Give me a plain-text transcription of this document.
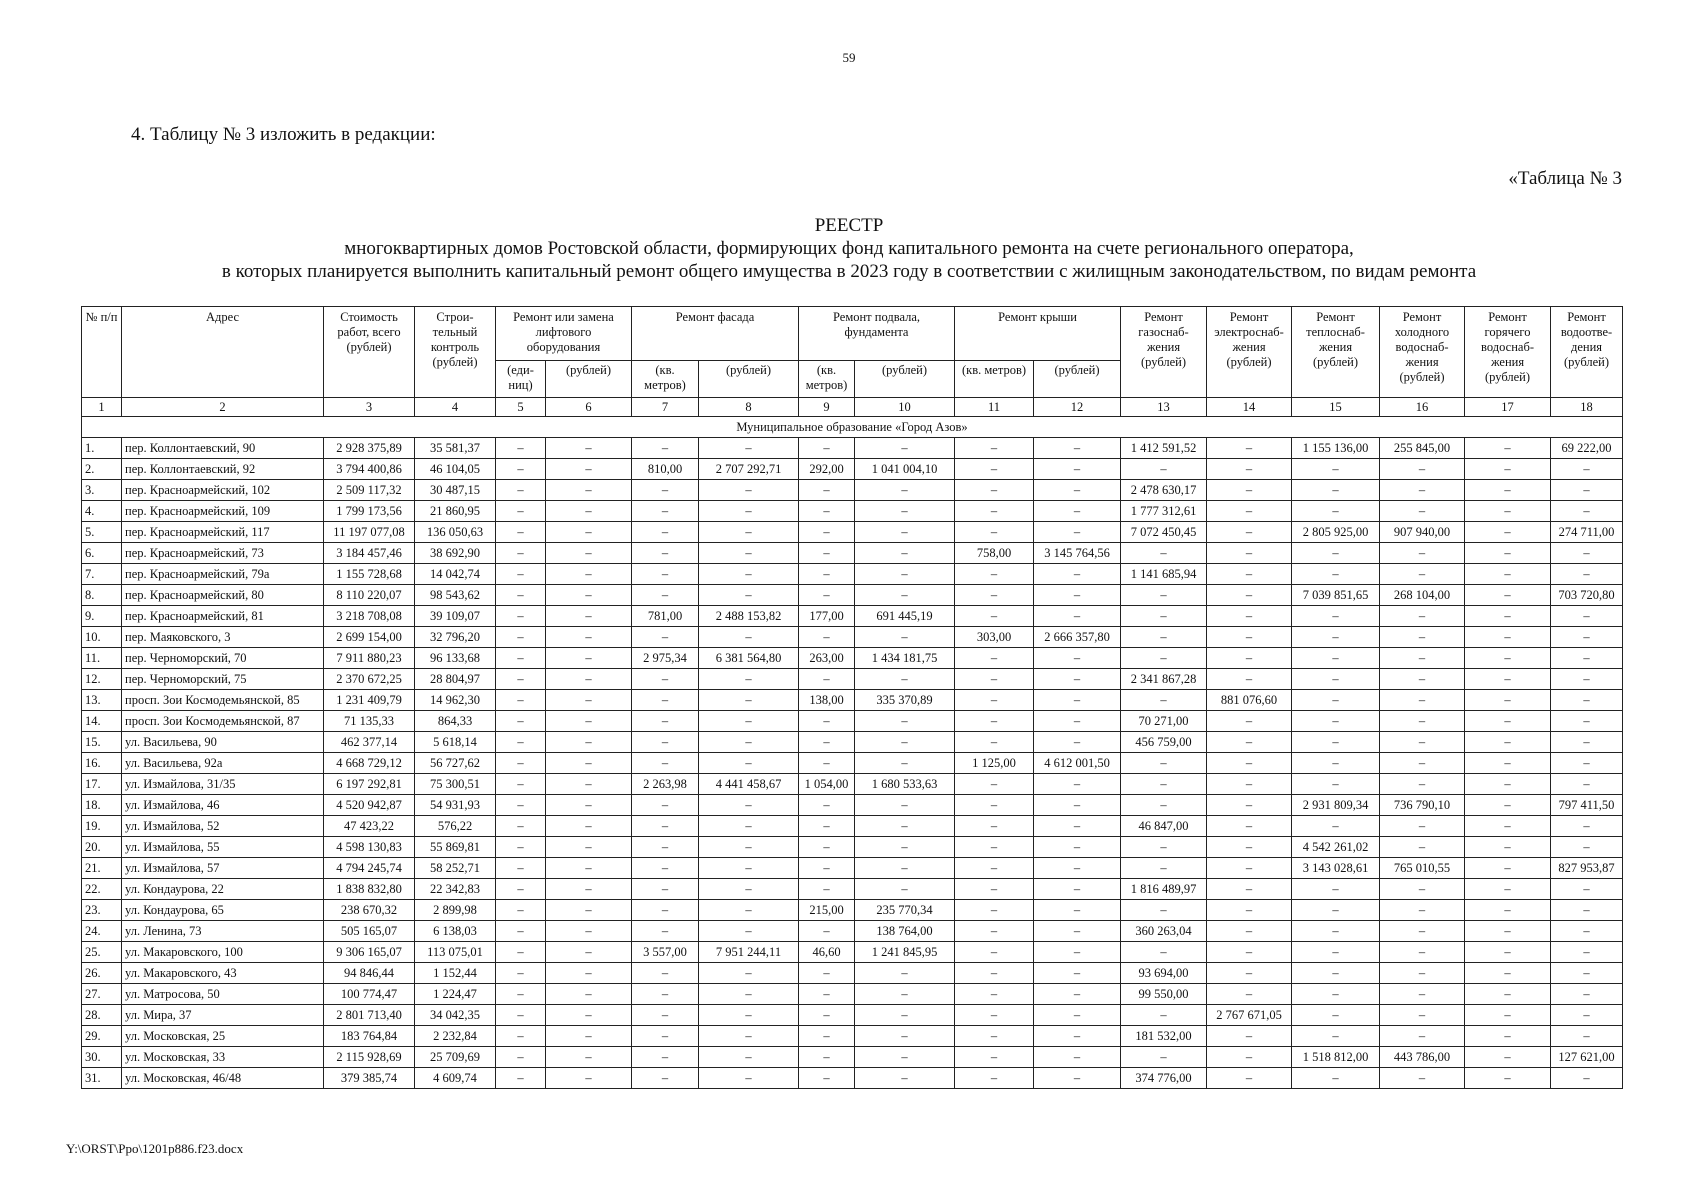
59
4. Таблицу № 3 изложить в редакции:
«Таблица № 3
РЕЕСТР
многоквартирных домов Ростовской области, формирующих фонд капитального ремонта на счете регионального оператора,
в которых планируется выполнить капитальный ремонт общего имущества в 2023 году в соответствии с жилищным законодательством, по видам ремонта
№ п/п	Адрес	Стоимость работ, всего (рублей)	Строи-тельный контроль (рублей)	Ремонт или замена лифтового оборудования		Ремонт фасада		Ремонт подвала, фундамента		Ремонт крыши		Ремонт газоснаб-жения (рублей)	Ремонт электроснаб-жения (рублей)	Ремонт теплоснаб-жения (рублей)	Ремонт холодного водоснаб-жения (рублей)	Ремонт горячего водоснаб-жения (рублей)	Ремонт водоотве-дения (рублей)
				(еди-ниц)	(рублей)	(кв. метров)	(рублей)	(кв. метров)	(рублей)	(кв. метров)	(рублей)						
1	2	3	4	5	6	7	8	9	10	11	12	13	14	15	16	17	18
Муниципальное образование «Город Азов»																	
1.	пер. Коллонтаевский, 90	2 928 375,89	35 581,37	–	–	–	–	–	–	–	–	1 412 591,52	–	1 155 136,00	255 845,00	–	69 222,00
2.	пер. Коллонтаевский, 92	3 794 400,86	46 104,05	–	–	810,00	2 707 292,71	292,00	1 041 004,10	–	–	–	–	–	–	–	–
3.	пер. Красноармейский, 102	2 509 117,32	30 487,15	–	–	–	–	–	–	–	–	2 478 630,17	–	–	–	–	–
4.	пер. Красноармейский, 109	1 799 173,56	21 860,95	–	–	–	–	–	–	–	–	1 777 312,61	–	–	–	–	–
5.	пер. Красноармейский, 117	11 197 077,08	136 050,63	–	–	–	–	–	–	–	–	7 072 450,45	–	2 805 925,00	907 940,00	–	274 711,00
6.	пер. Красноармейский, 73	3 184 457,46	38 692,90	–	–	–	–	–	–	758,00	3 145 764,56	–	–	–	–	–	–
7.	пер. Красноармейский, 79а	1 155 728,68	14 042,74	–	–	–	–	–	–	–	–	1 141 685,94	–	–	–	–	–
8.	пер. Красноармейский, 80	8 110 220,07	98 543,62	–	–	–	–	–	–	–	–	–	–	7 039 851,65	268 104,00	–	703 720,80
9.	пер. Красноармейский, 81	3 218 708,08	39 109,07	–	–	781,00	2 488 153,82	177,00	691 445,19	–	–	–	–	–	–	–	–
10.	пер. Маяковского, 3	2 699 154,00	32 796,20	–	–	–	–	–	–	303,00	2 666 357,80	–	–	–	–	–	–
11.	пер. Черноморский, 70	7 911 880,23	96 133,68	–	–	2 975,34	6 381 564,80	263,00	1 434 181,75	–	–	–	–	–	–	–	–
12.	пер. Черноморский, 75	2 370 672,25	28 804,97	–	–	–	–	–	–	–	–	2 341 867,28	–	–	–	–	–
13.	просп. Зои Космодемьянской, 85	1 231 409,79	14 962,30	–	–	–	–	138,00	335 370,89	–	–	–	881 076,60	–	–	–	–
14.	просп. Зои Космодемьянской, 87	71 135,33	864,33	–	–	–	–	–	–	–	–	70 271,00	–	–	–	–	–
15.	ул. Васильева, 90	462 377,14	5 618,14	–	–	–	–	–	–	–	–	456 759,00	–	–	–	–	–
16.	ул. Васильева, 92а	4 668 729,12	56 727,62	–	–	–	–	–	–	1 125,00	4 612 001,50	–	–	–	–	–	–
17.	ул. Измайлова, 31/35	6 197 292,81	75 300,51	–	–	2 263,98	4 441 458,67	1 054,00	1 680 533,63	–	–	–	–	–	–	–	–
18.	ул. Измайлова, 46	4 520 942,87	54 931,93	–	–	–	–	–	–	–	–	–	–	2 931 809,34	736 790,10	–	797 411,50
19.	ул. Измайлова, 52	47 423,22	576,22	–	–	–	–	–	–	–	–	46 847,00	–	–	–	–	–
20.	ул. Измайлова, 55	4 598 130,83	55 869,81	–	–	–	–	–	–	–	–	–	–	4 542 261,02	–	–	–
21.	ул. Измайлова, 57	4 794 245,74	58 252,71	–	–	–	–	–	–	–	–	–	–	3 143 028,61	765 010,55	–	827 953,87
22.	ул. Кондаурова, 22	1 838 832,80	22 342,83	–	–	–	–	–	–	–	–	1 816 489,97	–	–	–	–	–
23.	ул. Кондаурова, 65	238 670,32	2 899,98	–	–	–	–	215,00	235 770,34	–	–	–	–	–	–	–	–
24.	ул. Ленина, 73	505 165,07	6 138,03	–	–	–	–	–	138 764,00	–	–	360 263,04	–	–	–	–	–
25.	ул. Макаровского, 100	9 306 165,07	113 075,01	–	–	3 557,00	7 951 244,11	46,60	1 241 845,95	–	–	–	–	–	–	–	–
26.	ул. Макаровского, 43	94 846,44	1 152,44	–	–	–	–	–	–	–	–	93 694,00	–	–	–	–	–
27.	ул. Матросова, 50	100 774,47	1 224,47	–	–	–	–	–	–	–	–	99 550,00	–	–	–	–	–
28.	ул. Мира, 37	2 801 713,40	34 042,35	–	–	–	–	–	–	–	–	–	2 767 671,05	–	–	–	–
29.	ул. Московская, 25	183 764,84	2 232,84	–	–	–	–	–	–	–	–	181 532,00	–	–	–	–	–
30.	ул. Московская, 33	2 115 928,69	25 709,69	–	–	–	–	–	–	–	–	–	–	1 518 812,00	443 786,00	–	127 621,00
31.	ул. Московская, 46/48	379 385,74	4 609,74	–	–	–	–	–	–	–	–	374 776,00	–	–	–	–	–
Y:\ORST\Ppo\1201p886.f23.docx
